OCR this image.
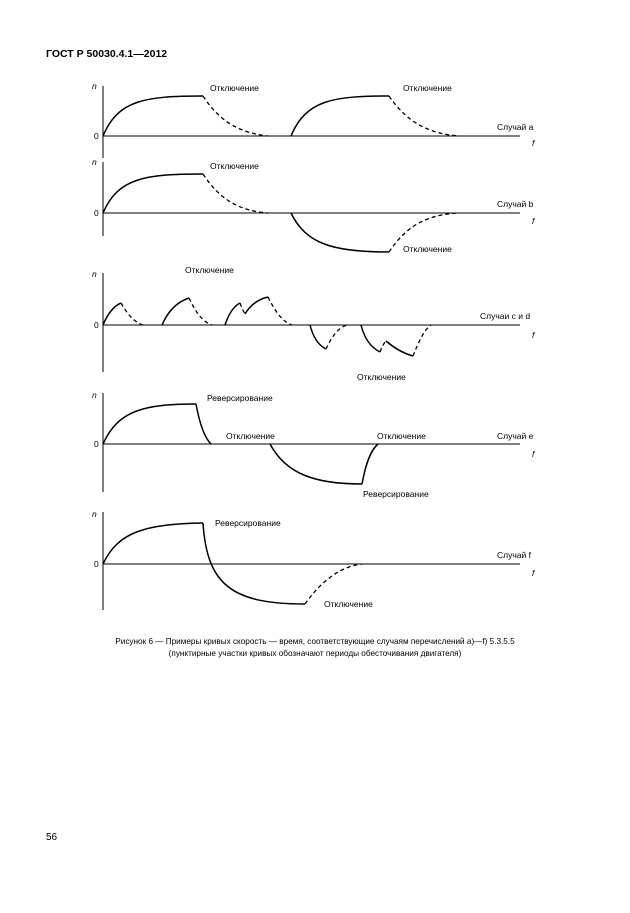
ГОСТ Р 50030.4.1—2012
n
0
f
Случай a
Отключение	Отключение
n
0
f
Случай b
Отключение
Отключение
n
0
f
Случаи c и d
Отключение
Отключение
n
0
f
Случай e
Реверсирование
Отключение	Отключение
Реверсирование
n
0
f
Случай f
Реверсирование
Отключение
Рисунок 6 — Примеры кривых скорость — время, соответствующие случаям перечислений а)—f) 5.3.5.5
(пунктирные участки кривых обозначают периоды обесточивания двигателя)
56
